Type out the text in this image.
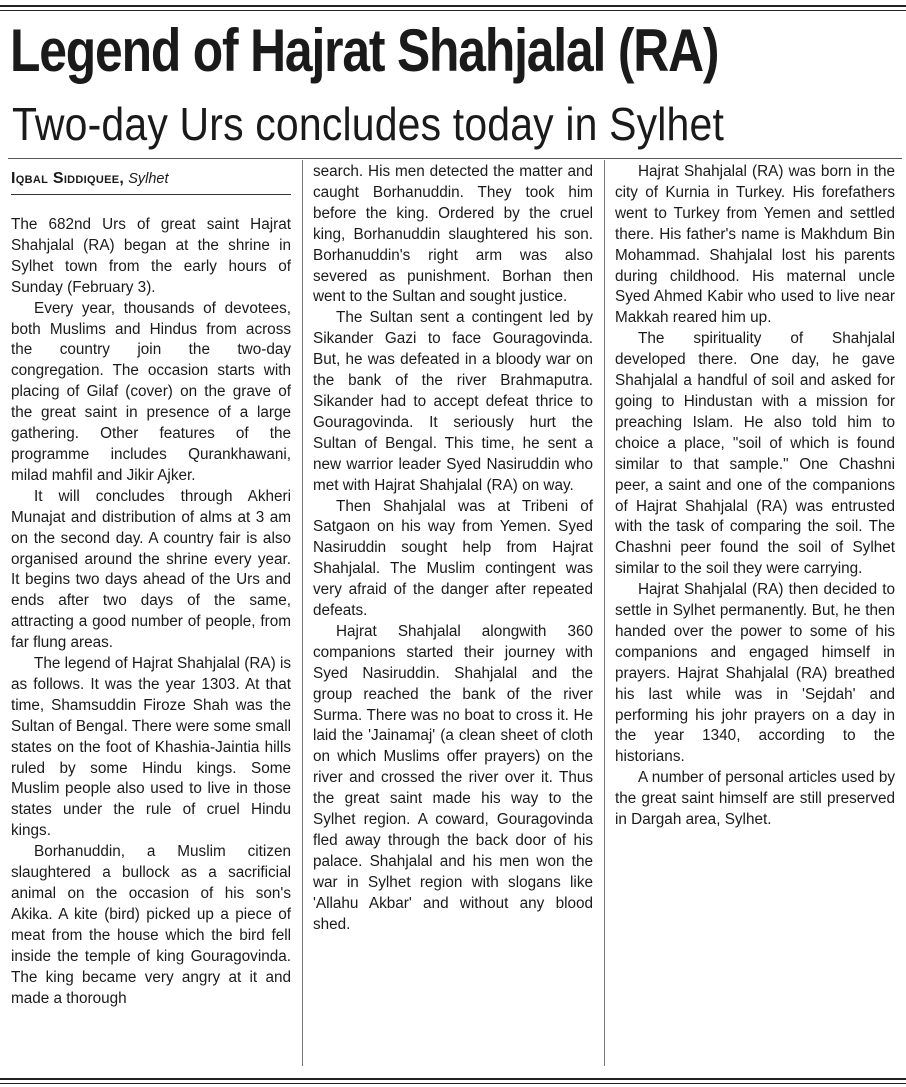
Legend of Hajrat Shahjalal (RA)
Two-day Urs concludes today in Sylhet
Iqbal Siddiquee, Sylhet

The 682nd Urs of great saint Hajrat Shahjalal (RA) began at the shrine in Sylhet town from the early hours of Sunday (February 3).

Every year, thousands of devotees, both Muslims and Hindus from across the country join the two-day congregation. The occasion starts with placing of Gilaf (cover) on the grave of the great saint in presence of a large gathering. Other features of the programme includes Qurankhawani, milad mahfil and Jikir Ajker.

It will concludes through Akheri Munajat and distribution of alms at 3 am on the second day. A country fair is also organised around the shrine every year. It begins two days ahead of the Urs and ends after two days of the same, attracting a good number of people, from far flung areas.

The legend of Hajrat Shahjalal (RA) is as follows. It was the year 1303. At that time, Shamsuddin Firoze Shah was the Sultan of Bengal. There were some small states on the foot of Khashia-Jaintia hills ruled by some Hindu kings. Some Muslim people also used to live in those states under the rule of cruel Hindu kings.

Borhanuddin, a Muslim citizen slaughtered a bullock as a sacrificial animal on the occasion of his son's Akika. A kite (bird) picked up a piece of meat from the house which the bird fell inside the temple of king Gouragovinda. The king became very angry at it and made a thorough

search. His men detected the matter and caught Borhanuddin. They took him before the king. Ordered by the cruel king, Borhanuddin slaughtered his son. Borhanuddin's right arm was also severed as punishment. Borhan then went to the Sultan and sought justice.

The Sultan sent a contingent led by Sikander Gazi to face Gouragovinda. But, he was defeated in a bloody war on the bank of the river Brahmaputra. Sikander had to accept defeat thrice to Gouragovinda. It seriously hurt the Sultan of Bengal. This time, he sent a new warrior leader Syed Nasiruddin who met with Hajrat Shahjalal (RA) on way.

Then Shahjalal was at Tribeni of Satgaon on his way from Yemen. Syed Nasiruddin sought help from Hajrat Shahjalal. The Muslim contingent was very afraid of the danger after repeated defeats.

Hajrat Shahjalal alongwith 360 companions started their journey with Syed Nasiruddin. Shahjalal and the group reached the bank of the river Surma. There was no boat to cross it. He laid the 'Jainamaj' (a clean sheet of cloth on which Muslims offer prayers) on the river and crossed the river over it. Thus the great saint made his way to the Sylhet region. A coward, Gouragovinda fled away through the back door of his palace. Shahjalal and his men won the war in Sylhet region with slogans like 'Allahu Akbar' and without any blood shed.

Hajrat Shahjalal (RA) was born in the city of Kurnia in Turkey. His forefathers went to Turkey from Yemen and settled there. His father's name is Makhdum Bin Mohammad. Shahjalal lost his parents during childhood. His maternal uncle Syed Ahmed Kabir who used to live near Makkah reared him up.

The spirituality of Shahjalal developed there. One day, he gave Shahjalal a handful of soil and asked for going to Hindustan with a mission for preaching Islam. He also told him to choice a place, "soil of which is found similar to that sample." One Chashni peer, a saint and one of the companions of Hajrat Shahjalal (RA) was entrusted with the task of comparing the soil. The Chashni peer found the soil of Sylhet similar to the soil they were carrying.

Hajrat Shahjalal (RA) then decided to settle in Sylhet permanently. But, he then handed over the power to some of his companions and engaged himself in prayers. Hajrat Shahjalal (RA) breathed his last while was in 'Sejdah' and performing his johr prayers on a day in the year 1340, according to the historians.

A number of personal articles used by the great saint himself are still preserved in Dargah area, Sylhet.
